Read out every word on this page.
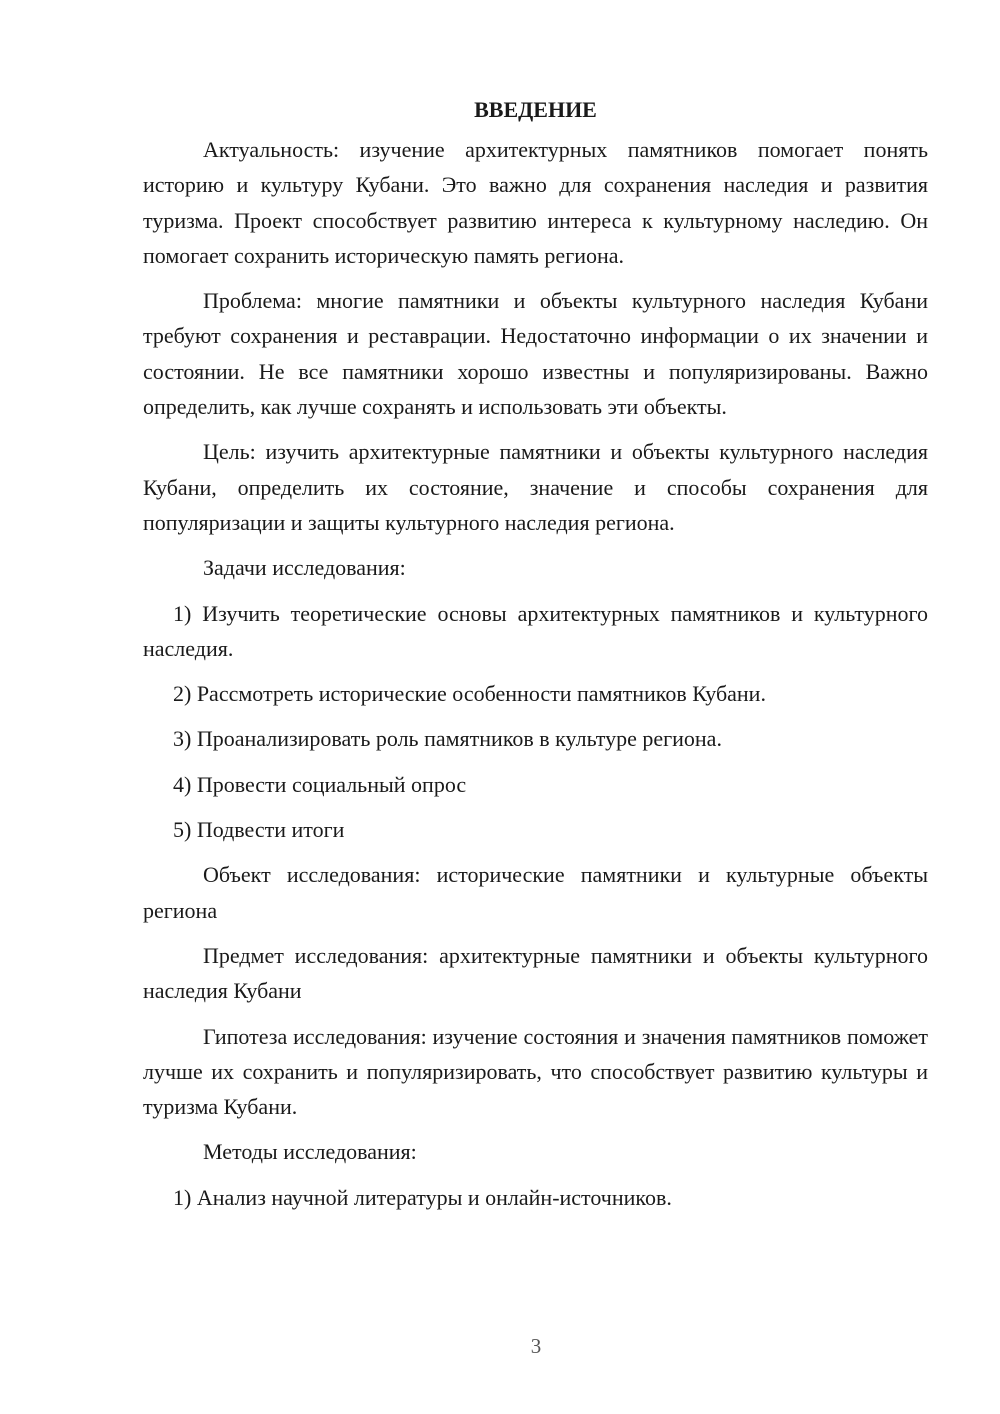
ВВЕДЕНИЕ

Актуальность: изучение архитектурных памятников помогает понять историю и культуру Кубани. Это важно для сохранения наследия и развития туризма. Проект способствует развитию интереса к культурному наследию. Он помогает сохранить историческую память региона.

Проблема: многие памятники и объекты культурного наследия Кубани требуют сохранения и реставрации. Недостаточно информации о их значении и состоянии. Не все памятники хорошо известны и популяризированы. Важно определить, как лучше сохранять и использовать эти объекты.

Цель: изучить архитектурные памятники и объекты культурного наследия Кубани, определить их состояние, значение и способы сохранения для популяризации и защиты культурного наследия региона.

Задачи исследования:

1) Изучить теоретические основы архитектурных памятников и культурного наследия.

2) Рассмотреть исторические особенности памятников Кубани.

3) Проанализировать роль памятников в культуре региона.

4) Провести социальный опрос

5) Подвести итоги

Объект исследования: исторические памятники и культурные объекты региона

Предмет исследования: архитектурные памятники и объекты культурного наследия Кубани

Гипотеза исследования: изучение состояния и значения памятников поможет лучше их сохранить и популяризировать, что способствует развитию культуры и туризма Кубани.

Методы исследования:

1) Анализ научной литературы и онлайн-источников.

3
